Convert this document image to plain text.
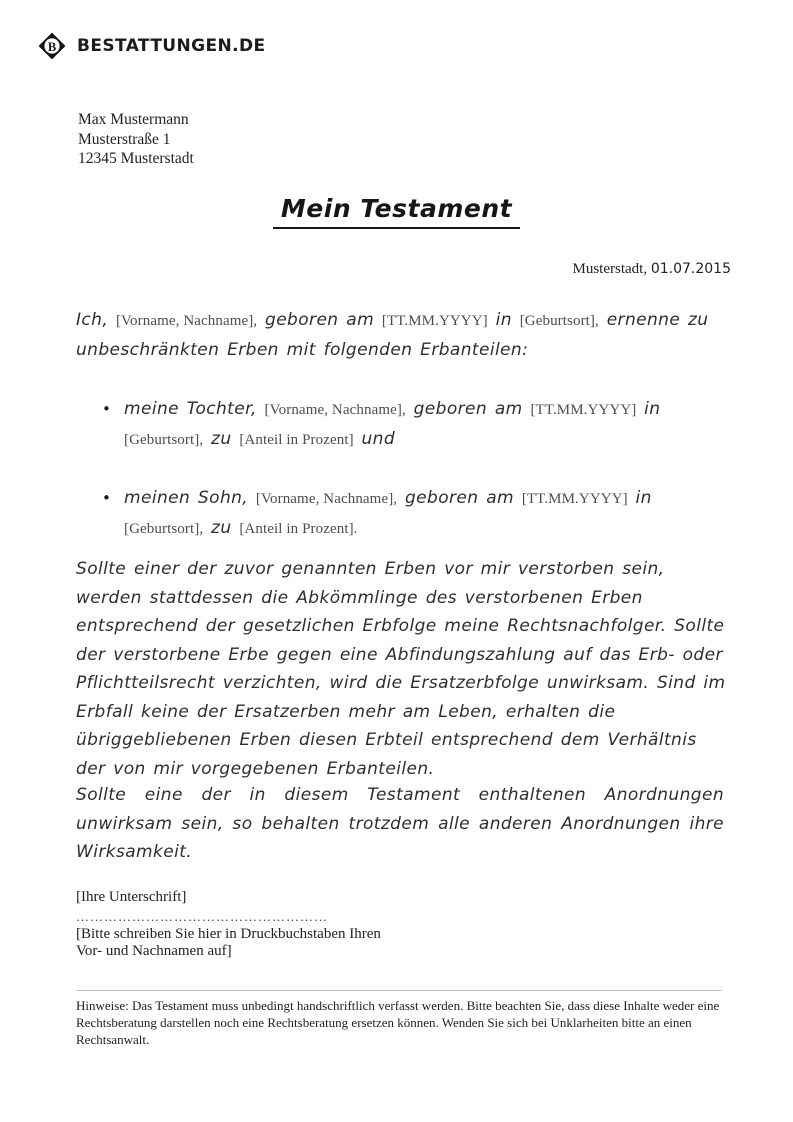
B BESTATTUNGEN.DE
Max Mustermann
Musterstraße 1
12345 Musterstadt
Mein Testament
Musterstadt, 01.07.2015

Ich, [Vorname, Nachname], geboren am [TT.MM.YYYY] in [Geburtsort], ernenne zu unbeschränkten Erben mit folgenden Erbanteilen:

• meine Tochter, [Vorname, Nachname], geboren am [TT.MM.YYYY] in [Geburtsort], zu [Anteil in Prozent] und
• meinen Sohn, [Vorname, Nachname], geboren am [TT.MM.YYYY] in [Geburtsort], zu [Anteil in Prozent].

Sollte einer der zuvor genannten Erben vor mir verstorben sein, werden stattdessen die Abkömmlinge des verstorbenen Erben entsprechend der gesetzlichen Erbfolge meine Rechtsnachfolger. Sollte der verstorbene Erbe gegen eine Abfindungszahlung auf das Erb- oder Pflichtteilsrecht verzichten, wird die Ersatzerbfolge unwirksam. Sind im Erbfall keine der Ersatzerben mehr am Leben, erhalten die übriggebliebenen Erben diesen Erbteil entsprechend dem Verhältnis der von mir vorgegebenen Erbanteilen.

Sollte eine der in diesem Testament enthaltenen Anordnungen unwirksam sein, so behalten trotzdem alle anderen Anordnungen ihre Wirksamkeit.

[Ihre Unterschrift]
………………………………………………
[Bitte schreiben Sie hier in Druckbuchstaben Ihren
Vor- und Nachnamen auf]

Hinweise: Das Testament muss unbedingt handschriftlich verfasst werden. Bitte beachten Sie, dass diese Inhalte weder eine Rechtsberatung darstellen noch eine Rechtsberatung ersetzen können. Wenden Sie sich bei Unklarheiten bitte an einen Rechtsanwalt.
